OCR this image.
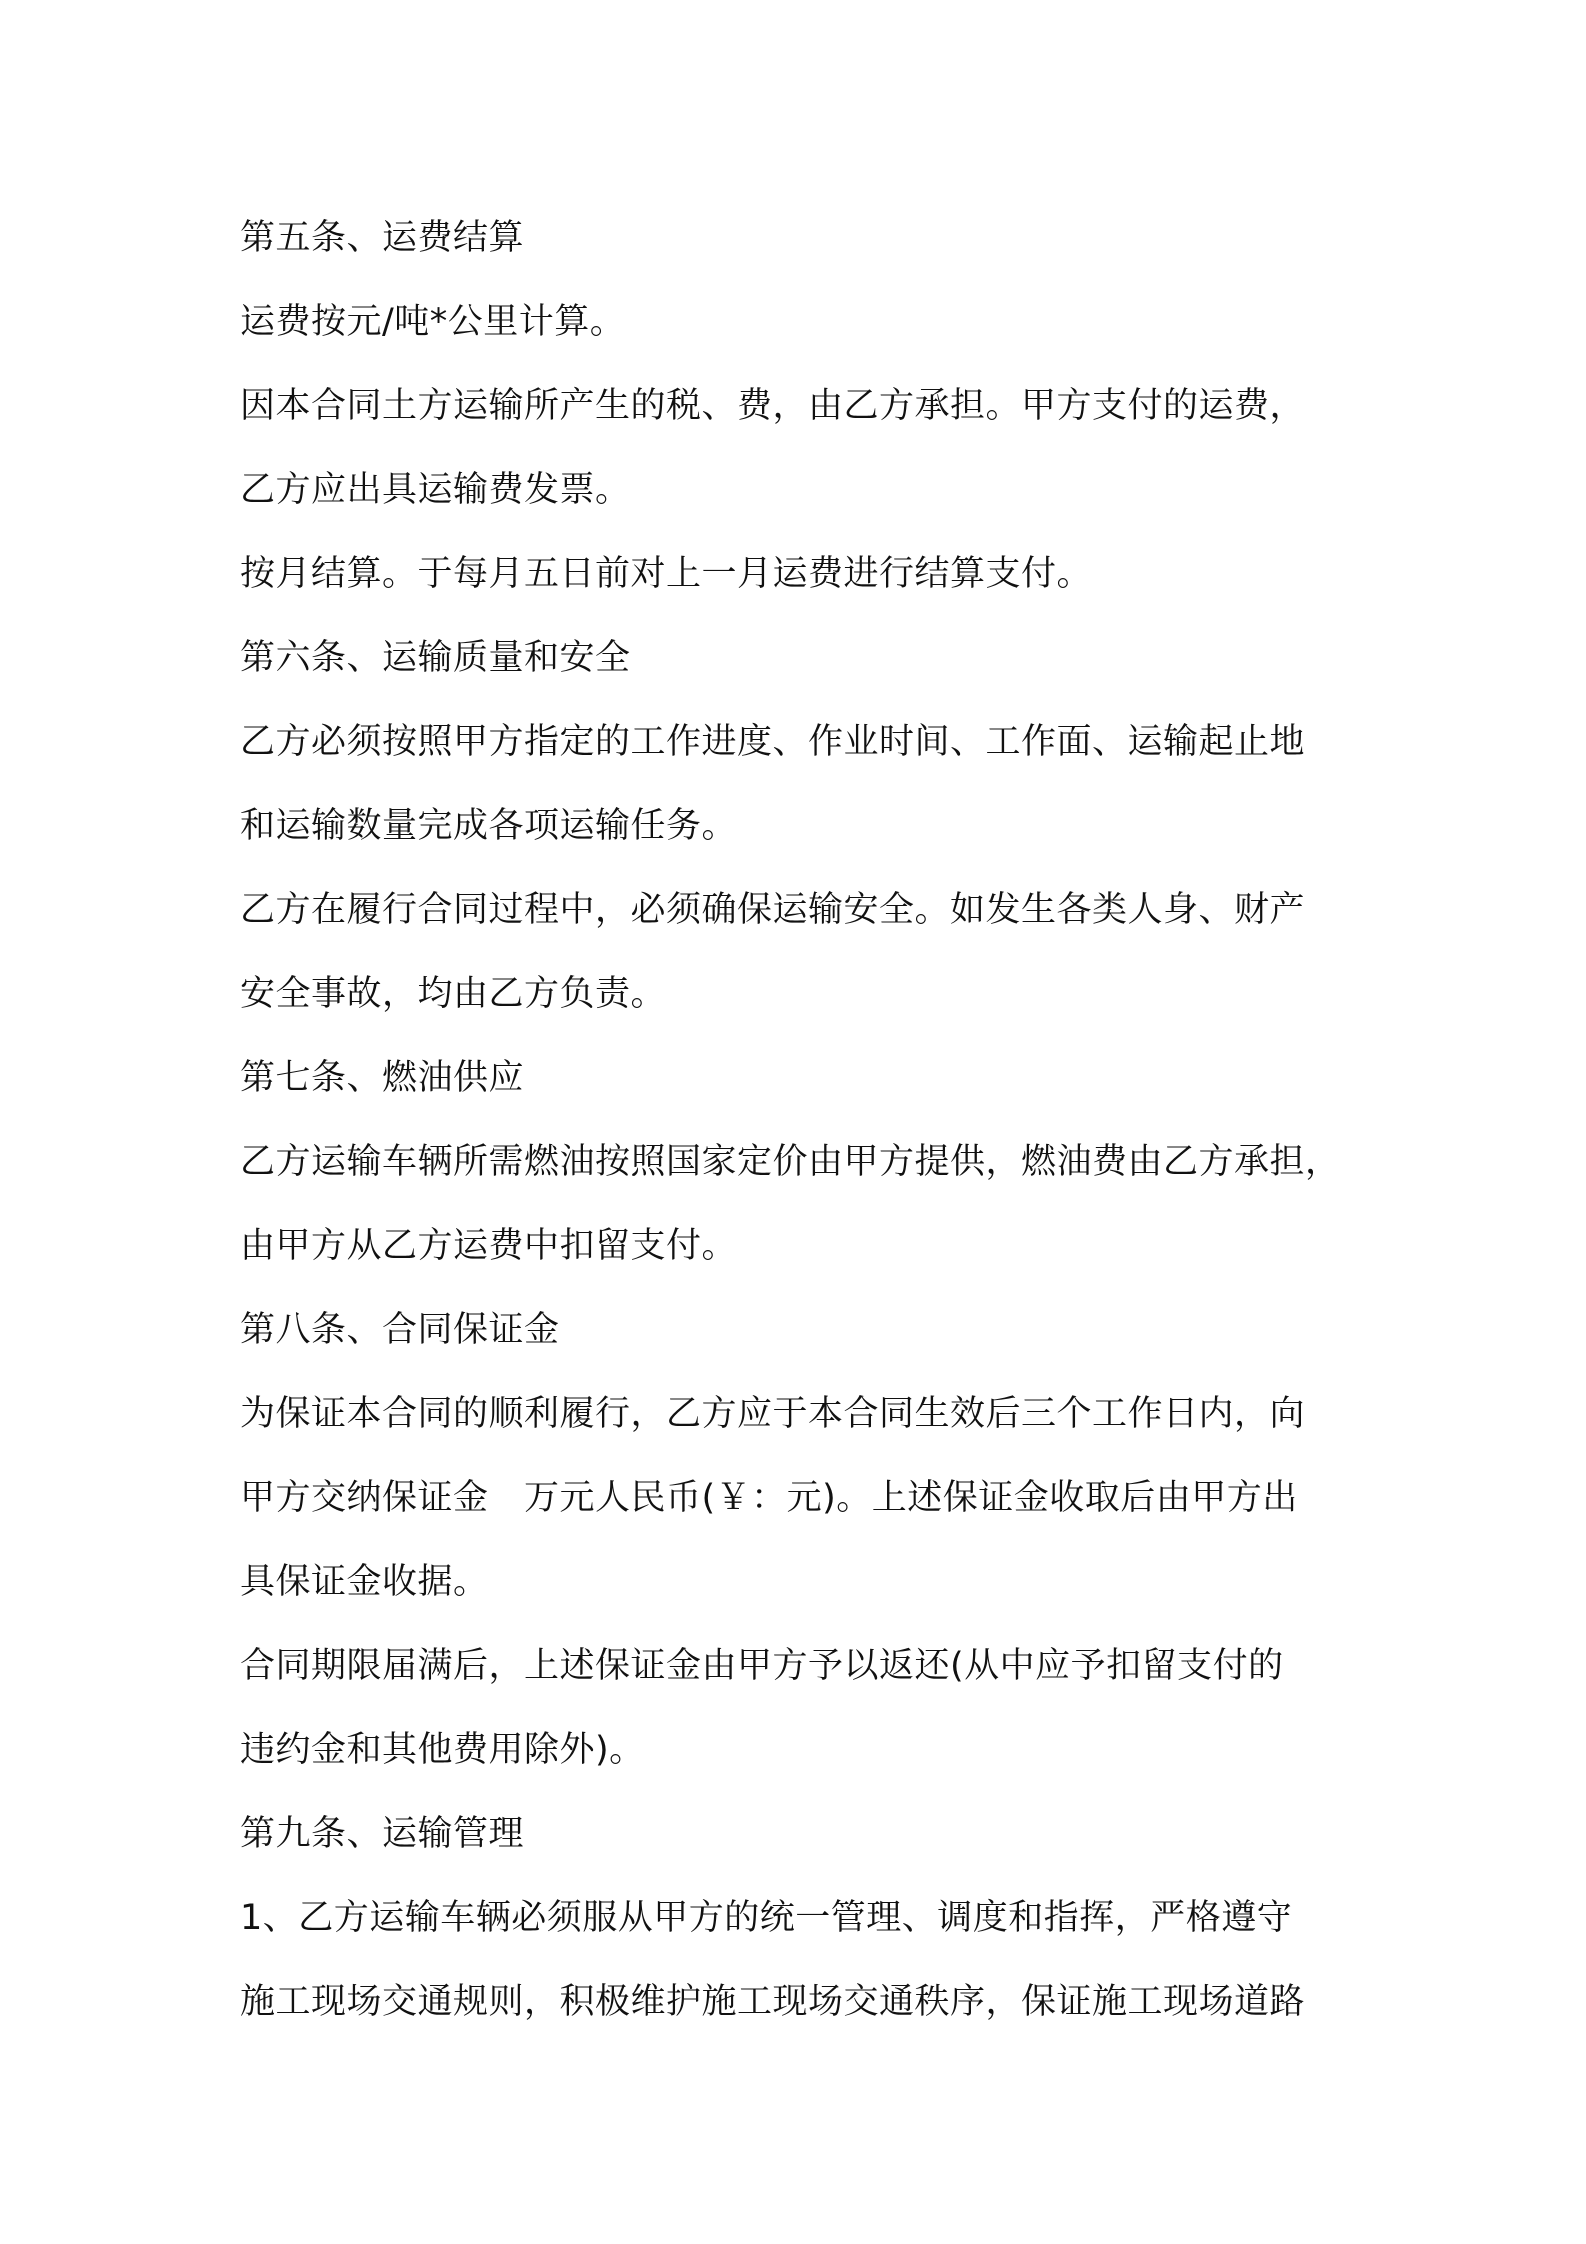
第五条、运费结算
运费按元/吨*公里计算。
因本合同土方运输所产生的税、费，由乙方承担。甲方支付的运费，
乙方应出具运输费发票。
按月结算。于每月五日前对上一月运费进行结算支付。
第六条、运输质量和安全
乙方必须按照甲方指定的工作进度、作业时间、工作面、运输起止地
和运输数量完成各项运输任务。
乙方在履行合同过程中，必须确保运输安全。如发生各类人身、财产
安全事故，均由乙方负责。
第七条、燃油供应
乙方运输车辆所需燃油按照国家定价由甲方提供，燃油费由乙方承担，
由甲方从乙方运费中扣留支付。
第八条、合同保证金
为保证本合同的顺利履行，乙方应于本合同生效后三个工作日内，向
甲方交纳保证金　万元人民币(￥：元)。上述保证金收取后由甲方出
具保证金收据。
合同期限届满后，上述保证金由甲方予以返还(从中应予扣留支付的
违约金和其他费用除外)。
第九条、运输管理
1、乙方运输车辆必须服从甲方的统一管理、调度和指挥，严格遵守
施工现场交通规则，积极维护施工现场交通秩序，保证施工现场道路
